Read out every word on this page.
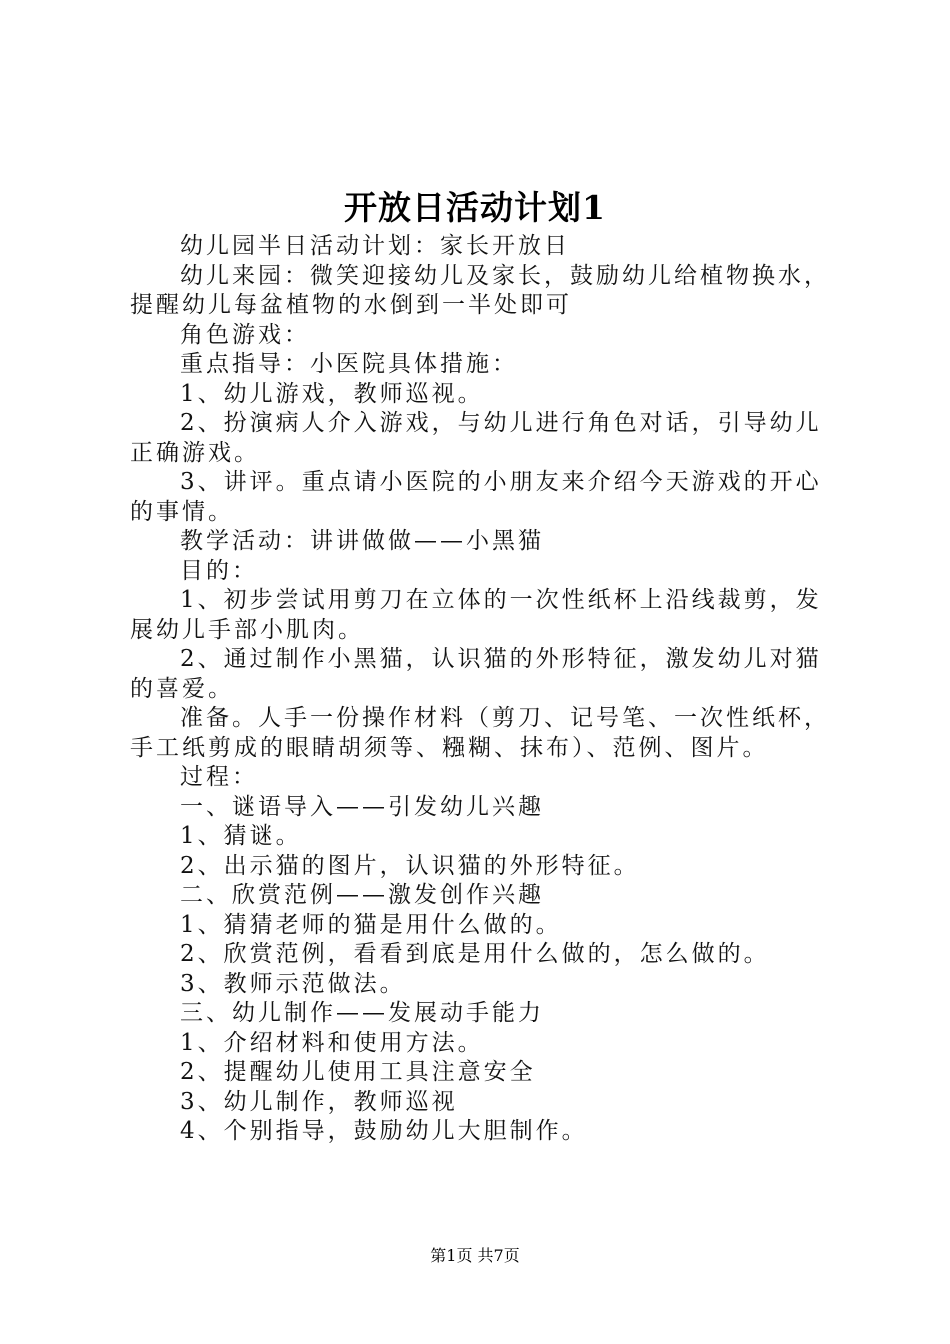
开放日活动计划1

幼儿园半日活动计划：家长开放日

幼儿来园：微笑迎接幼儿及家长，鼓励幼儿给植物换水，提醒幼儿每盆植物的水倒到一半处即可

角色游戏：

重点指导：小医院具体措施：

1、幼儿游戏，教师巡视。

2、扮演病人介入游戏，与幼儿进行角色对话，引导幼儿正确游戏。

3、讲评。重点请小医院的小朋友来介绍今天游戏的开心的事情。

教学活动：讲讲做做——小黑猫

目的：

1、初步尝试用剪刀在立体的一次性纸杯上沿线裁剪，发展幼儿手部小肌肉。

2、通过制作小黑猫，认识猫的外形特征，激发幼儿对猫的喜爱。

准备。人手一份操作材料（剪刀、记号笔、一次性纸杯，手工纸剪成的眼睛胡须等、糨糊、抹布）、范例、图片。

过程：

一、谜语导入——引发幼儿兴趣

1、猜谜。

2、出示猫的图片，认识猫的外形特征。

二、欣赏范例——激发创作兴趣

1、猜猜老师的猫是用什么做的。

2、欣赏范例，看看到底是用什么做的，怎么做的。

3、教师示范做法。

三、幼儿制作——发展动手能力

1、介绍材料和使用方法。

2、提醒幼儿使用工具注意安全

3、幼儿制作，教师巡视

4、个别指导，鼓励幼儿大胆制作。

第1页 共7页
